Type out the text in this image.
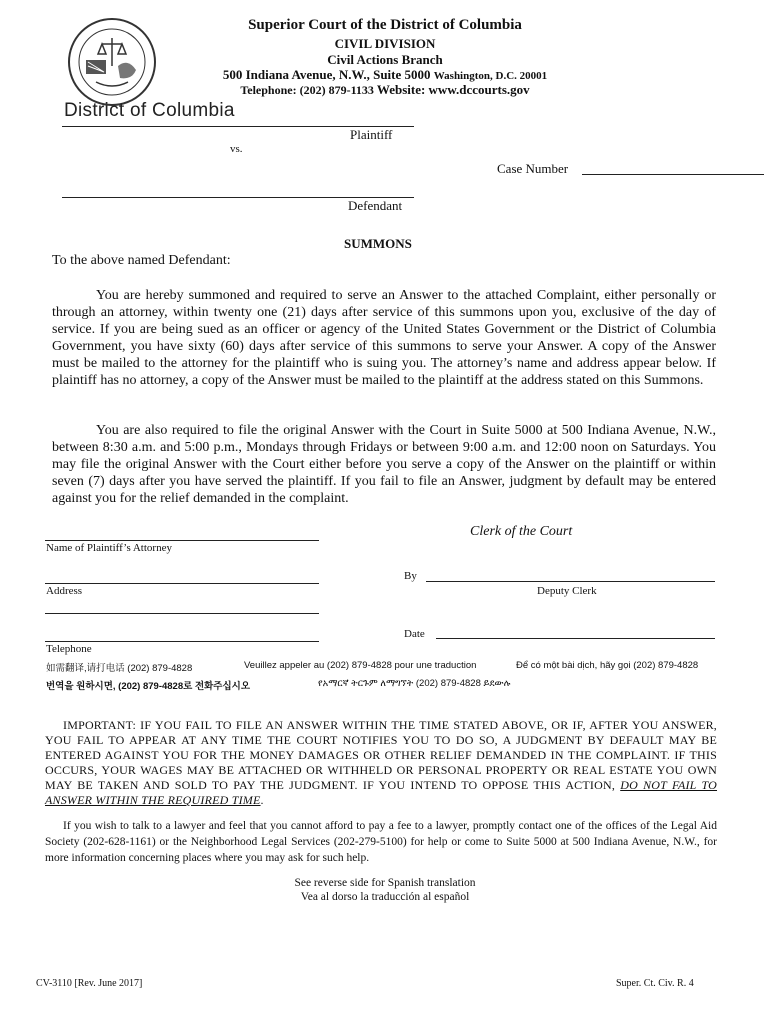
District of Columbia
Superior Court of the District of Columbia
CIVIL DIVISION
Civil Actions Branch
500 Indiana Avenue, N.W., Suite 5000 Washington, D.C. 20001
Telephone: (202) 879-1133 Website: www.dccourts.gov
Plaintiff
vs.
Case Number
Defendant
SUMMONS
To the above named Defendant:

You are hereby summoned and required to serve an Answer to the attached Complaint, either personally or through an attorney, within twenty one (21) days after service of this summons upon you, exclusive of the day of service. If you are being sued as an officer or agency of the United States Government or the District of Columbia Government, you have sixty (60) days after service of this summons to serve your Answer. A copy of the Answer must be mailed to the attorney for the plaintiff who is suing you. The attorney’s name and address appear below. If plaintiff has no attorney, a copy of the Answer must be mailed to the plaintiff at the address stated on this Summons.

You are also required to file the original Answer with the Court in Suite 5000 at 500 Indiana Avenue, N.W., between 8:30 a.m. and 5:00 p.m., Mondays through Fridays or between 9:00 a.m. and 12:00 noon on Saturdays. You may file the original Answer with the Court either before you serve a copy of the Answer on the plaintiff or within seven (7) days after you have served the plaintiff. If you fail to file an Answer, judgment by default may be entered against you for the relief demanded in the complaint.

Clerk of the Court
Name of Plaintiff’s Attorney
By
Address	Deputy Clerk
Date
Telephone
如需翻译,请打电话 (202) 879-4828	Veuillez appeler au (202) 879-4828 pour une traduction	Để có một bài dịch, hãy gọi (202) 879-4828
번역을 원하시면, (202) 879-4828로 전화주십시오	የአማርኛ ትርጉም ለማግኘት (202) 879-4828 ይደውሉ
IMPORTANT: IF YOU FAIL TO FILE AN ANSWER WITHIN THE TIME STATED ABOVE, OR IF, AFTER YOU ANSWER, YOU FAIL TO APPEAR AT ANY TIME THE COURT NOTIFIES YOU TO DO SO, A JUDGMENT BY DEFAULT MAY BE ENTERED AGAINST YOU FOR THE MONEY DAMAGES OR OTHER RELIEF DEMANDED IN THE COMPLAINT. IF THIS OCCURS, YOUR WAGES MAY BE ATTACHED OR WITHHELD OR PERSONAL PROPERTY OR REAL ESTATE YOU OWN MAY BE TAKEN AND SOLD TO PAY THE JUDGMENT. IF YOU INTEND TO OPPOSE THIS ACTION, DO NOT FAIL TO ANSWER WITHIN THE REQUIRED TIME.
If you wish to talk to a lawyer and feel that you cannot afford to pay a fee to a lawyer, promptly contact one of the offices of the Legal Aid Society (202-628-1161) or the Neighborhood Legal Services (202-279-5100) for help or come to Suite 5000 at 500 Indiana Avenue, N.W., for more information concerning places where you may ask for such help.
See reverse side for Spanish translation
Vea al dorso la traducción al español
CV-3110 [Rev. June 2017]	Super. Ct. Civ. R. 4
